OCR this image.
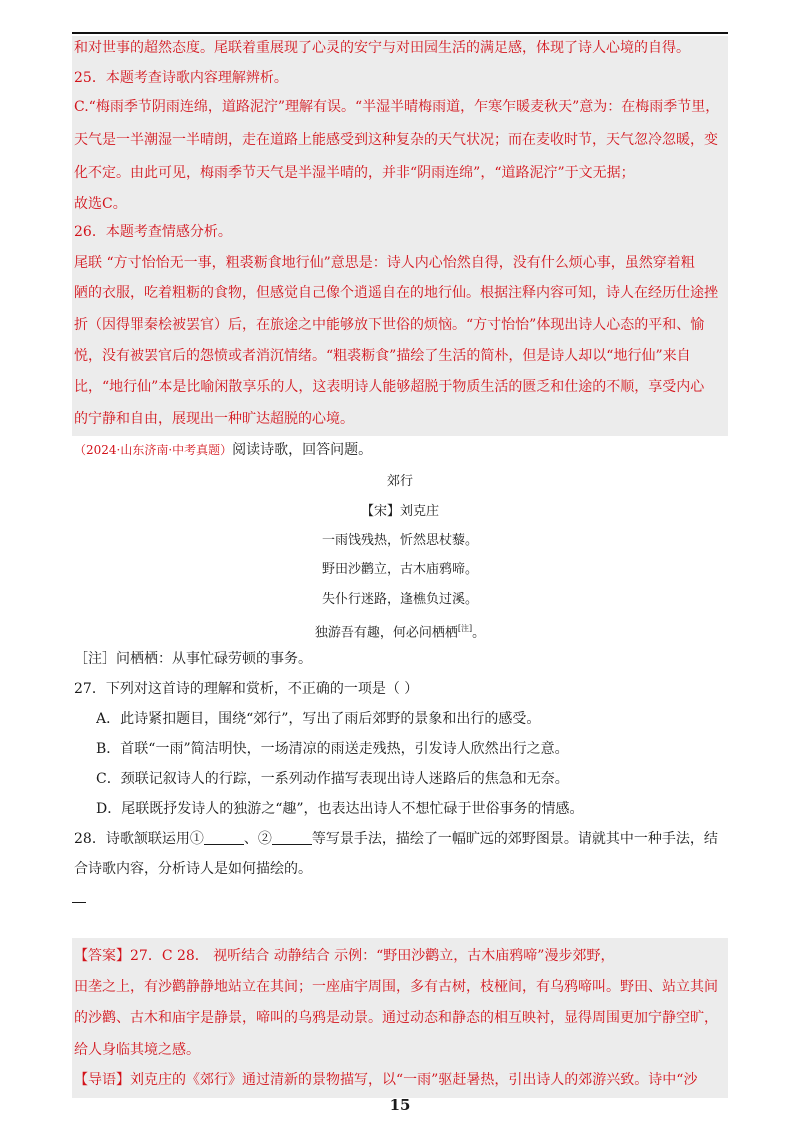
和对世事的超然态度。尾联着重展现了心灵的安宁与对田园生活的满足感，体现了诗人心境的自得。
25．本题考查诗歌内容理解辨析。
C.“梅雨季节阴雨连绵，道路泥泞”理解有误。“半湿半晴梅雨道，乍寒乍暖麦秋天”意为：在梅雨季节里，
天气是一半潮湿一半晴朗，走在道路上能感受到这种复杂的天气状况；而在麦收时节，天气忽冷忽暖，变
化不定。由此可见，梅雨季节天气是半湿半晴的，并非“阴雨连绵”，“道路泥泞”于文无据；
故选C。
26．本题考查情感分析。
尾联 “方寸怡怡无一事，粗裘粝食地行仙”意思是：诗人内心怡然自得，没有什么烦心事，虽然穿着粗
陋的衣服，吃着粗粝的食物，但感觉自己像个逍遥自在的地行仙。根据注释内容可知，诗人在经历仕途挫
折（因得罪秦桧被罢官）后，在旅途之中能够放下世俗的烦恼。“方寸怡怡”体现出诗人心态的平和、愉
悦，没有被罢官后的怨愤或者消沉情绪。“粗裘粝食”描绘了生活的简朴，但是诗人却以“地行仙”来自
比，“地行仙”本是比喻闲散享乐的人，这表明诗人能够超脱于物质生活的匮乏和仕途的不顺，享受内心
的宁静和自由，展现出一种旷达超脱的心境。
（2024·山东济南·中考真题）阅读诗歌，回答问题。
郊行
【宋】刘克庄
一雨饯残热，忻然思杖藜。
野田沙鹳立，古木庙鸦啼。
失仆行迷路，逢樵负过溪。
独游吾有趣，何必问栖栖[注]。
［注］问栖栖：从事忙碌劳顿的事务。
27．下列对这首诗的理解和赏析，不正确的一项是（ ）
A．此诗紧扣题目，围绕“郊行”，写出了雨后郊野的景象和出行的感受。
B．首联“一雨”简洁明快，一场清凉的雨送走残热，引发诗人欣然出行之意。
C．颈联记叙诗人的行踪，一系列动作描写表现出诗人迷路后的焦急和无奈。
D．尾联既抒发诗人的独游之“趣”，也表达出诗人不想忙碌于世俗事务的情感。
28．诗歌颔联运用①	、②	等写景手法，描绘了一幅旷远的郊野图景。请就其中一种手法，结
合诗歌内容，分析诗人是如何描绘的。
【答案】27．C 28． 视听结合 动静结合 示例：“野田沙鹳立，古木庙鸦啼”漫步郊野，
田垄之上，有沙鹳静静地站立在其间；一座庙宇周围，多有古树，枝桠间，有乌鸦啼叫。野田、站立其间
的沙鹳、古木和庙宇是静景，啼叫的乌鸦是动景。通过动态和静态的相互映衬，显得周围更加宁静空旷，
给人身临其境之感。
【导语】刘克庄的《郊行》通过清新的景物描写，以“一雨”驱赶暑热，引出诗人的郊游兴致。诗中“沙
15
